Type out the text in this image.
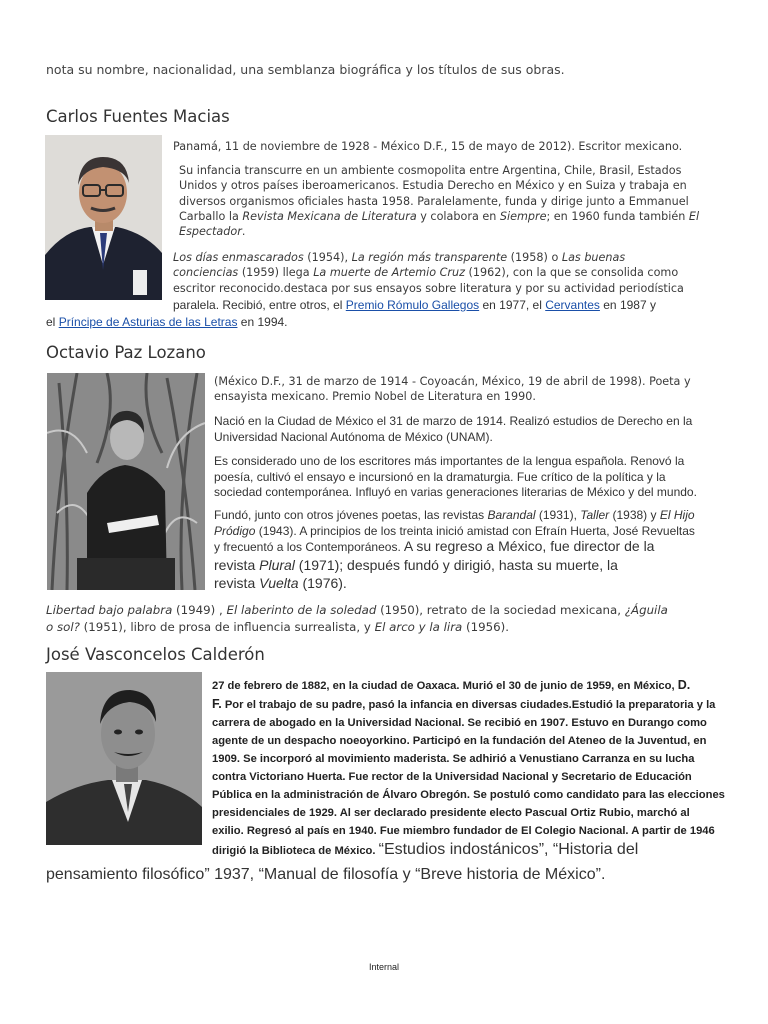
nota su nombre, nacionalidad, una semblanza biográfica y los títulos de sus obras.
Carlos Fuentes Macias
Panamá, 11 de noviembre de 1928 - México D.F., 15 de mayo de 2012). Escritor mexicano.
Su infancia transcurre en un ambiente cosmopolita entre Argentina, Chile, Brasil, Estados
Unidos y otros países iberoamericanos. Estudia Derecho en México y en Suiza y trabaja en
diversos organismos oficiales hasta 1958. Paralelamente, funda y dirige junto a Emmanuel
Carballo la Revista Mexicana de Literatura y colabora en Siempre; en 1960 funda también El
Espectador.
Los días enmascarados (1954), La región más transparente (1958) o Las buenas
conciencias (1959) llega La muerte de Artemio Cruz (1962), con la que se consolida como
escritor reconocido.destaca por sus ensayos sobre literatura y por su actividad periodística
paralela. Recibió, entre otros, el Premio Rómulo Gallegos en 1977, el Cervantes en 1987 y
el Príncipe de Asturias de las Letras en 1994.
Octavio Paz Lozano
(México D.F., 31 de marzo de 1914 - Coyoacán, México, 19 de abril de 1998). Poeta y
ensayista mexicano. Premio Nobel de Literatura en 1990.
Nació en la Ciudad de México el 31 de marzo de 1914. Realizó estudios de Derecho en la
Universidad Nacional Autónoma de México (UNAM).
Es considerado uno de los escritores más importantes de la lengua española. Renovó la
poesía, cultivó el ensayo e incursionó en la dramaturgia. Fue crítico de la política y la
sociedad contemporánea. Influyó en varias generaciones literarias de México y del mundo.
Fundó, junto con otros jóvenes poetas, las revistas Barandal (1931), Taller (1938) y El Hijo
Pródigo (1943). A principios de los treinta inició amistad con Efraín Huerta, José Revueltas
y frecuentó a los Contemporáneos. A su regreso a México, fue director de la
revista Plural (1971); después fundó y dirigió, hasta su muerte, la
revista Vuelta (1976).
Libertad bajo palabra (1949) , El laberinto de la soledad (1950), retrato de la sociedad mexicana, ¿Águila
o sol? (1951), libro de prosa de influencia surrealista, y El arco y la lira (1956).
José Vasconcelos Calderón
27 de febrero de 1882, en la ciudad de Oaxaca. Murió el 30 de junio de 1959, en México, D.
F. Por el trabajo de su padre, pasó la infancia en diversas ciudades.Estudió la preparatoria y la
carrera de abogado en la Universidad Nacional. Se recibió en 1907. Estuvo en Durango como
agente de un despacho noeoyorkino. Participó en la fundación del Ateneo de la Juventud, en
1909. Se incorporó al movimiento maderista. Se adhirió a Venustiano Carranza en su lucha
contra Victoriano Huerta. Fue rector de la Universidad Nacional y Secretario de Educación
Pública en la administración de Álvaro Obregón. Se postuló como candidato para las elecciones
presidenciales de 1929. Al ser declarado presidente electo Pascual Ortiz Rubio, marchó al
exilio. Regresó al país en 1940. Fue miembro fundador de El Colegio Nacional. A partir de 1946
dirigió la Biblioteca de México. “Estudios indostánicos”, “Historia del
pensamiento filosófico” 1937, “Manual de filosofía y “Breve historia de México”.
Internal
